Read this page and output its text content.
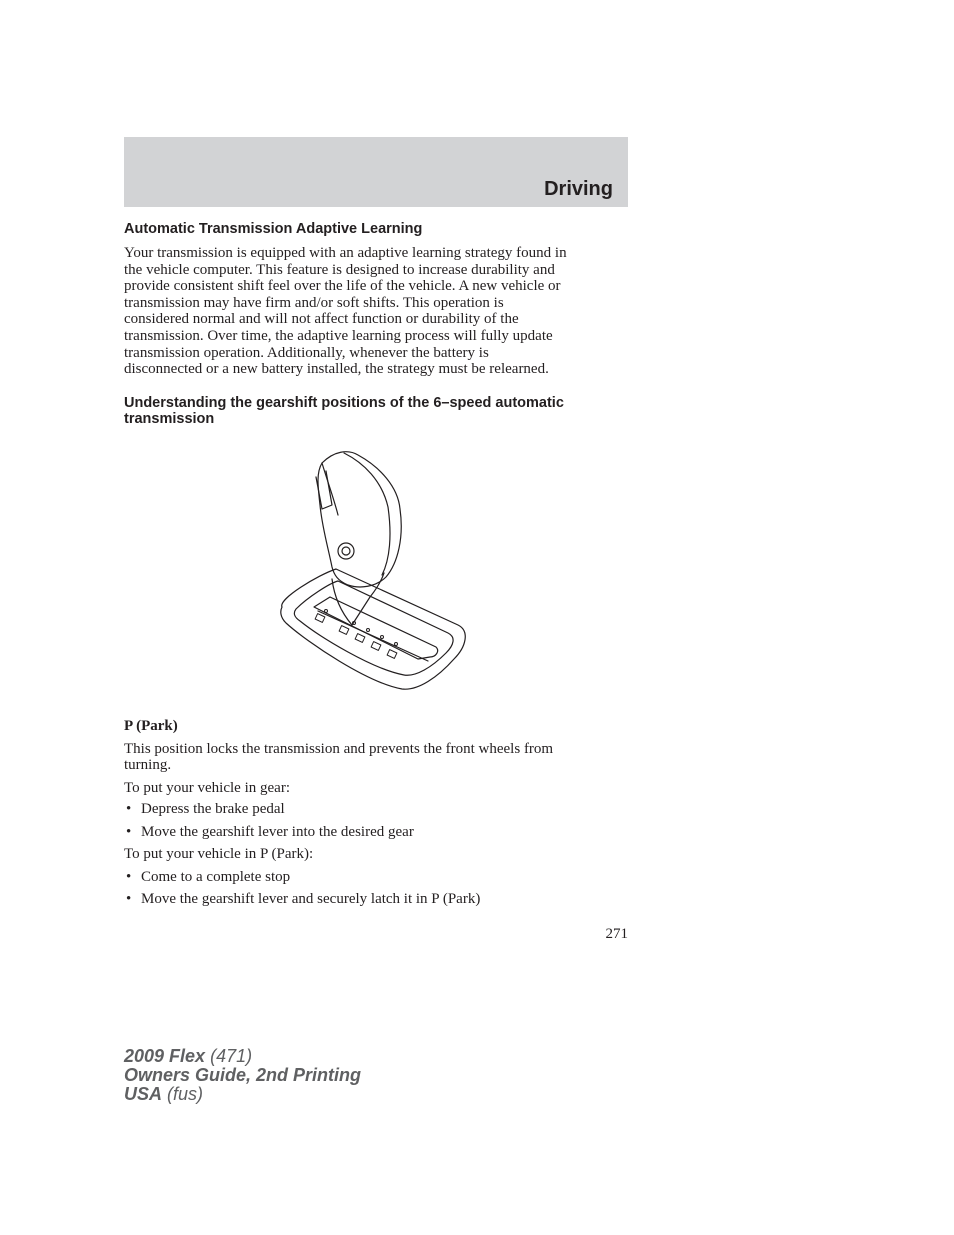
Driving
Automatic Transmission Adaptive Learning

Your transmission is equipped with an adaptive learning strategy found in
the vehicle computer. This feature is designed to increase durability and
provide consistent shift feel over the life of the vehicle. A new vehicle or
transmission may have firm and/or soft shifts. This operation is
considered normal and will not affect function or durability of the
transmission. Over time, the adaptive learning process will fully update
transmission operation. Additionally, whenever the battery is
disconnected or a new battery installed, the strategy must be relearned.

Understanding the gearshift positions of the 6–speed automatic
transmission

P (Park)

This position locks the transmission and prevents the front wheels from
turning.

To put your vehicle in gear:

• Depress the brake pedal
• Move the gearshift lever into the desired gear

To put your vehicle in P (Park):

• Come to a complete stop
• Move the gearshift lever and securely latch it in P (Park)
271
2009 Flex (471)
Owners Guide, 2nd Printing
USA (fus)
